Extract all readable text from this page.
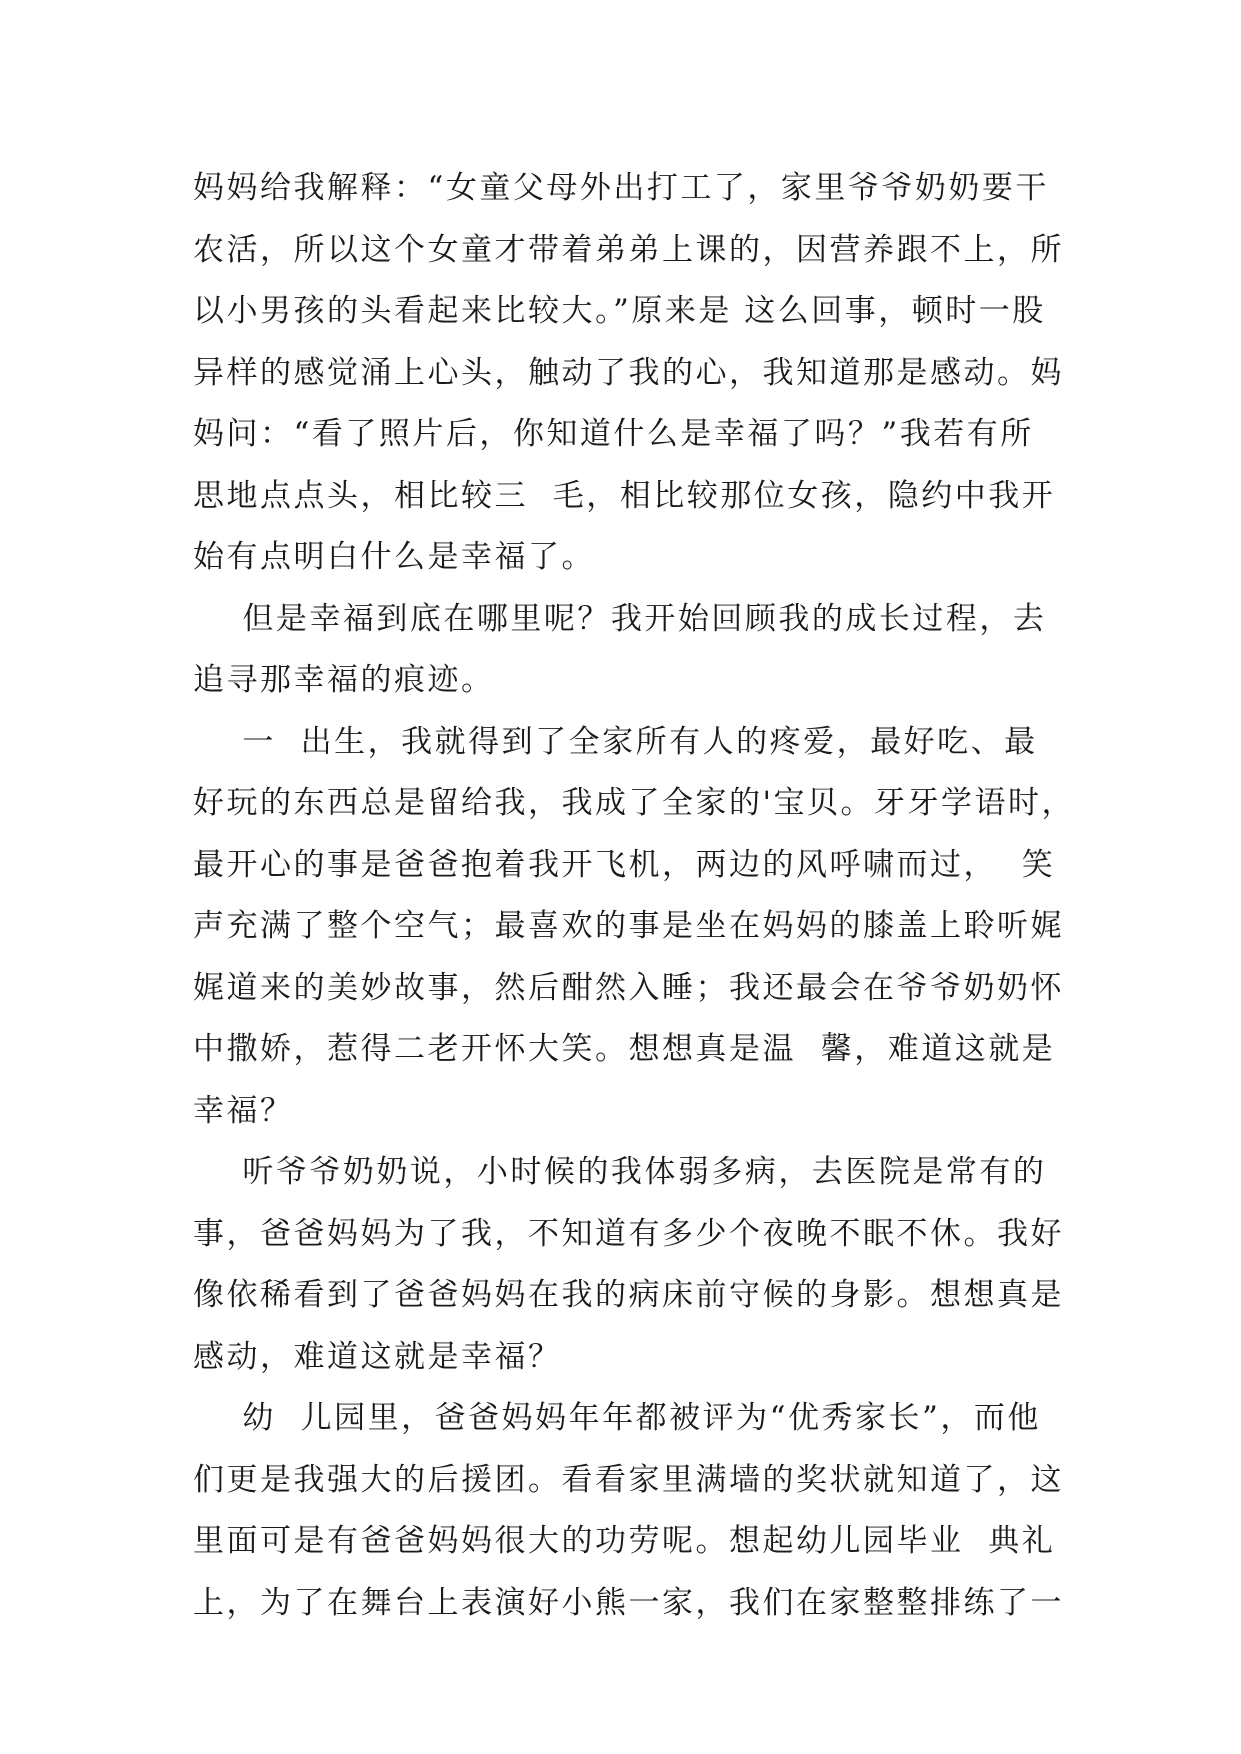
妈妈给我解释：“女童父母外出打工了，家里爷爷奶奶要干
农活，所以这个女童才带着弟弟上课的，因营养跟不上，所
以小男孩的头看起来比较大。”原来是 这么回事，顿时一股
异样的感觉涌上心头，触动了我的心，我知道那是感动。妈
妈问：“看了照片后，你知道什么是幸福了吗？”我若有所
思地点点头，相比较三  毛，相比较那位女孩，隐约中我开
始有点明白什么是幸福了。
但是幸福到底在哪里呢？我开始回顾我的成长过程，去
追寻那幸福的痕迹。
一  出生，我就得到了全家所有人的疼爱，最好吃、最
好玩的东西总是留给我，我成了全家的'宝贝。牙牙学语时，
最开心的事是爸爸抱着我开飞机，两边的风呼啸而过，  笑
声充满了整个空气；最喜欢的事是坐在妈妈的膝盖上聆听娓
娓道来的美妙故事，然后酣然入睡；我还最会在爷爷奶奶怀
中撒娇，惹得二老开怀大笑。想想真是温  馨，难道这就是
幸福？
听爷爷奶奶说，小时候的我体弱多病，去医院是常有的
事，爸爸妈妈为了我，不知道有多少个夜晚不眠不休。我好
像依稀看到了爸爸妈妈在我的病床前守候的身影。想想真是
感动，难道这就是幸福？
幼  儿园里，爸爸妈妈年年都被评为“优秀家长”，而他
们更是我强大的后援团。看看家里满墙的奖状就知道了，这
里面可是有爸爸妈妈很大的功劳呢。想起幼儿园毕业  典礼
上，为了在舞台上表演好小熊一家，我们在家整整排练了一
